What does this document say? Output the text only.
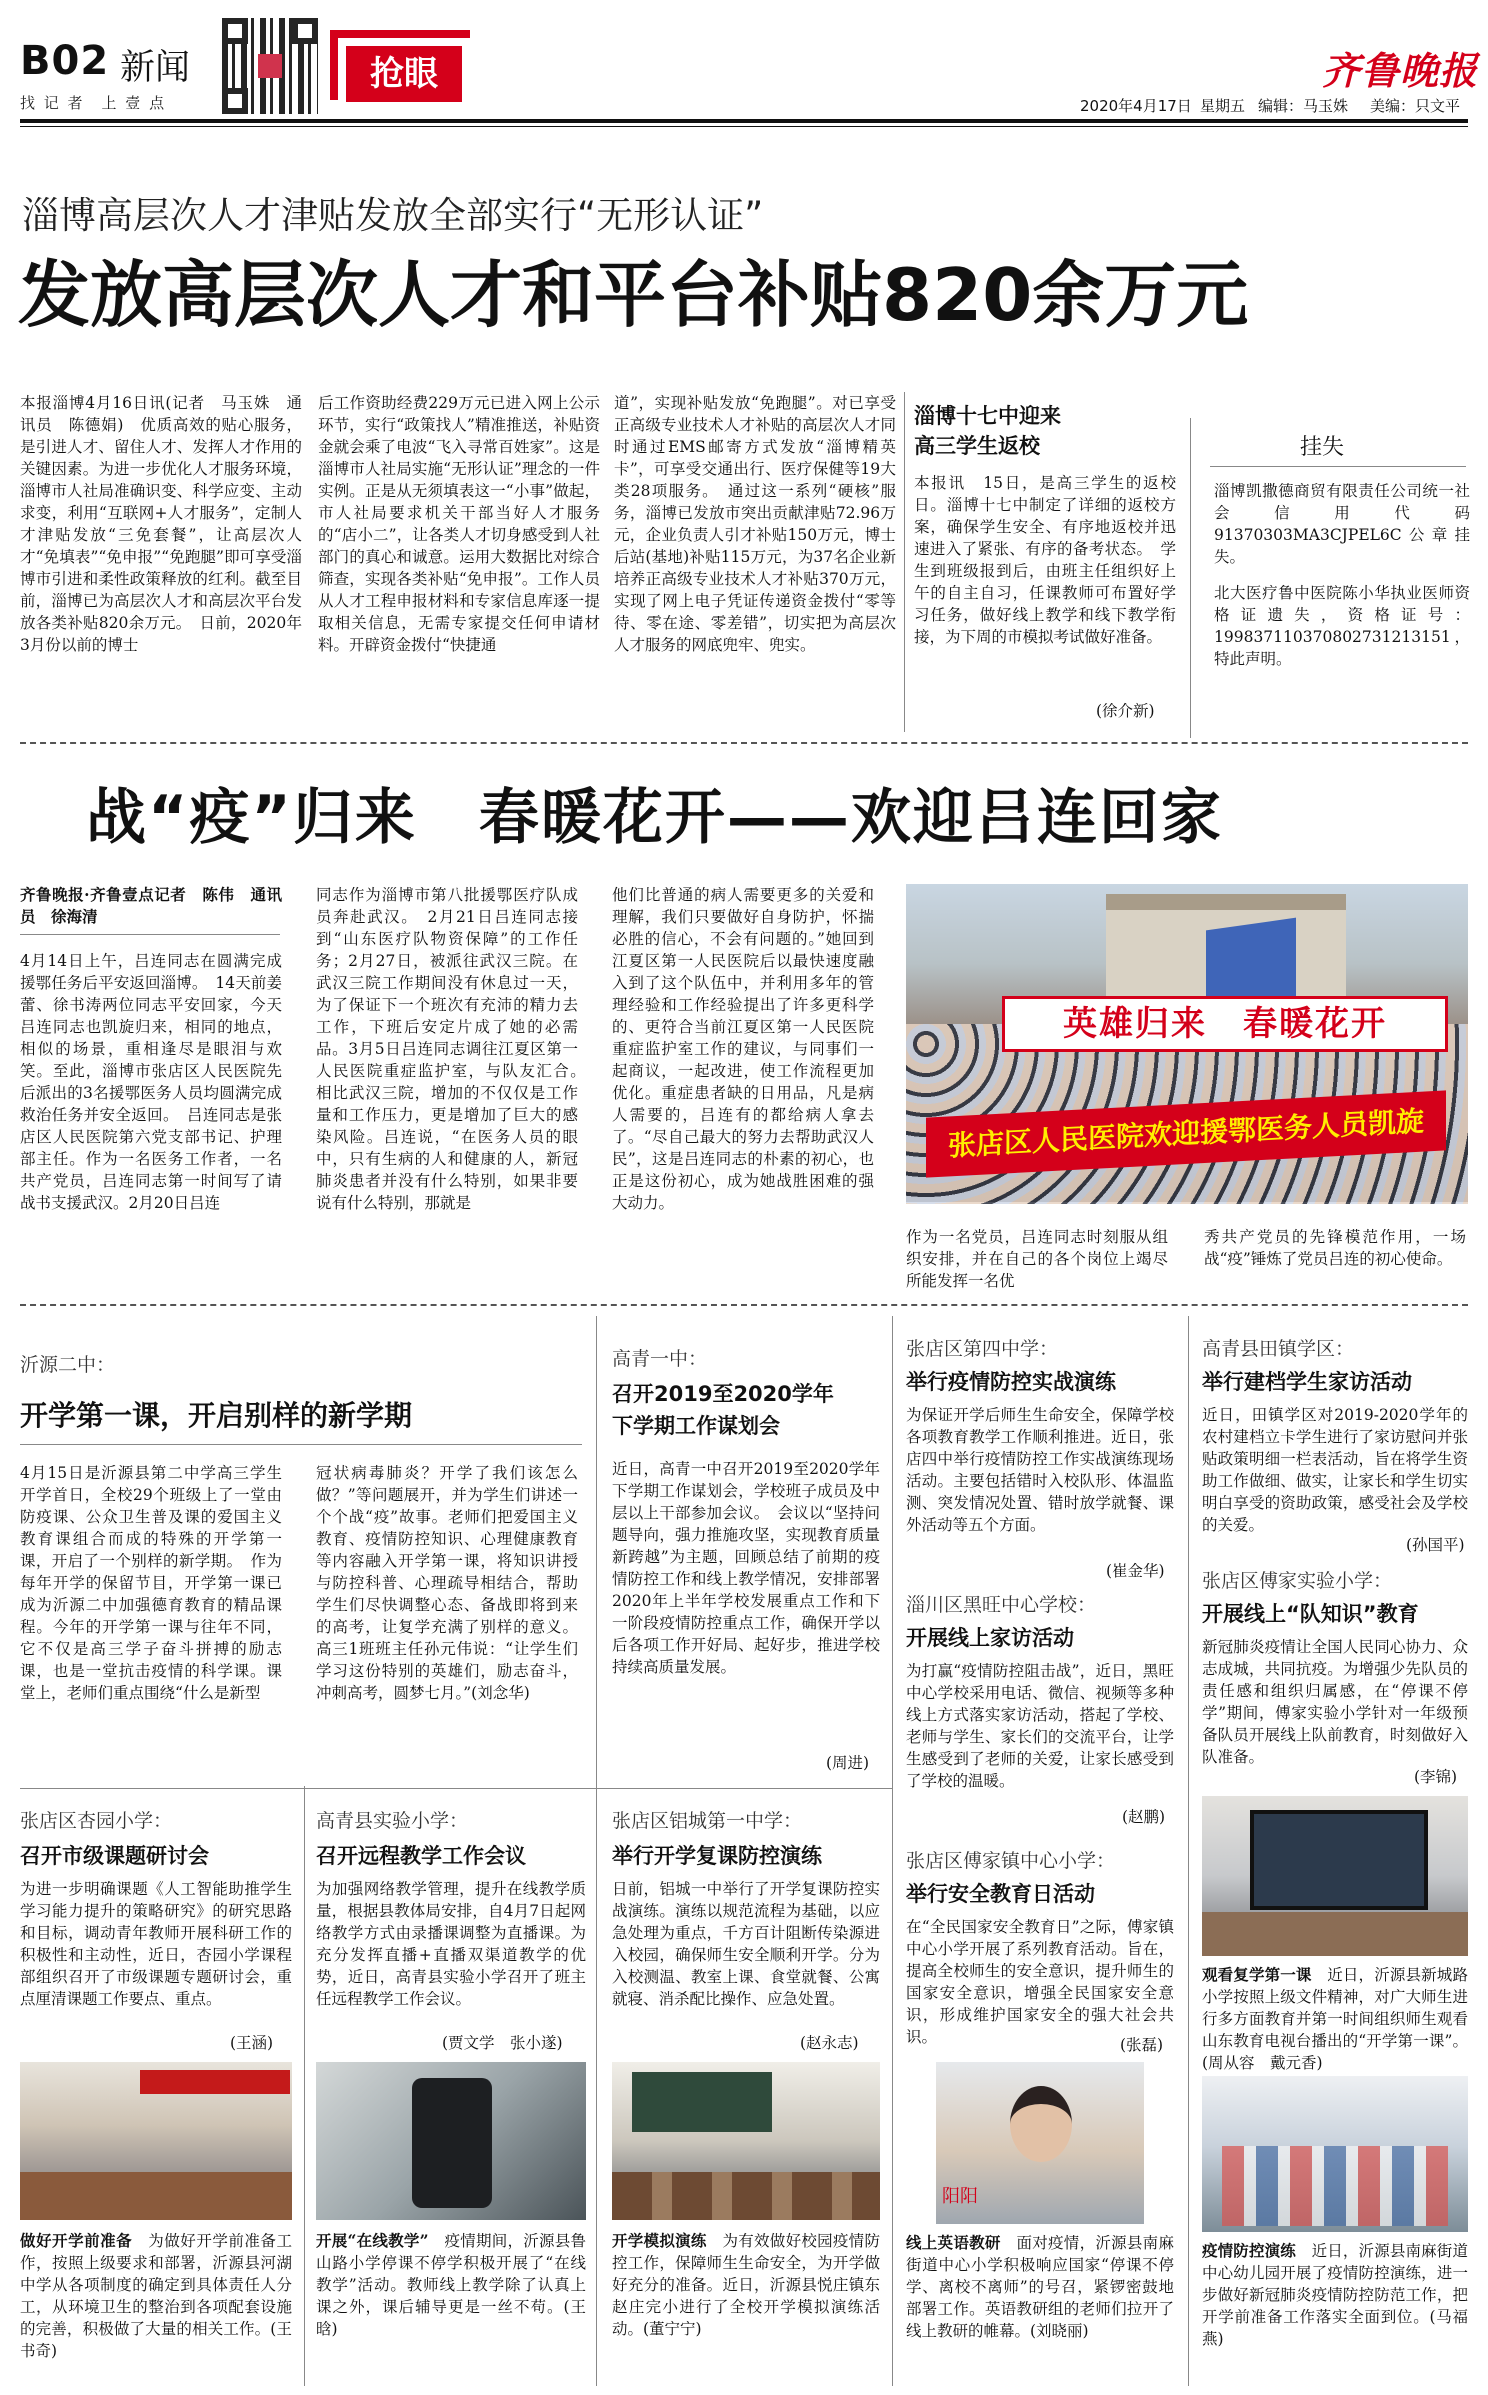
B02 新闻
找 记 者　上 壹 点
抢眼	齐鲁晚报
2020年4月17日 星期五 编辑：马玉姝 美编：只文平
淄博高层次人才津贴发放全部实行“无形认证”
发放高层次人才和平台补贴820余万元
本报淄博4月16日讯(记者　马玉姝　通讯员　陈德娟)　优质高效的贴心服务，是引进人才、留住人才、发挥人才作用的关键因素。为进一步优化人才服务环境，淄博市人社局准确识变、科学应变、主动求变，利用“互联网+人才服务”，定制人才津贴发放“三免套餐”，让高层次人才“免填表”“免申报”“免跑腿”即可享受淄博市引进和柔性政策释放的红利。截至目前，淄博已为高层次人才和高层次平台发放各类补贴820余万元。　日前，2020年3月份以前的博士
后工作资助经费229万元已进入网上公示环节，实行“政策找人”精准推送，补贴资金就会乘了电波“飞入寻常百姓家”。这是淄博市人社局实施“无形认证”理念的一件实例。正是从无须填表这一“小事”做起，市人社局要求机关干部当好人才服务的“店小二”，让各类人才切身感受到人社部门的真心和诚意。运用大数据比对综合筛查，实现各类补贴“免申报”。工作人员从人才工程申报材料和专家信息库逐一提取相关信息，无需专家提交任何申请材料。开辟资金拨付“快捷通
道”，实现补贴发放“免跑腿”。对已享受正高级专业技术人才补贴的高层次人才同时通过EMS邮寄方式发放“淄博精英卡”，可享受交通出行、医疗保健等19大类28项服务。　通过这一系列“硬核”服务，淄博已发放市突出贡献津贴72.96万元，企业负责人引才补贴150万元，博士后站(基地)补贴115万元，为37名企业新培养正高级专业技术人才补贴370万元，实现了网上电子凭证传递资金拨付“零等待、零在途、零差错”，切实把为高层次人才服务的网底兜牢、兜实。
淄博十七中迎来
高三学生返校
本报讯　15日，是高三学生的返校日。淄博十七中制定了详细的返校方案，确保学生安全、有序地返校并迅速进入了紧张、有序的备考状态。　学生到班级报到后，由班主任组织好上午的自主自习，任课教师可布置好学习任务，做好线上教学和线下教学衔接，为下周的市模拟考试做好准备。
(徐介新)
挂失
淄博凯撒德商贸有限责任公司统一社会信用代码91370303MA3CJPEL6C公章挂失。
北大医疗鲁中医院陈小华执业医师资格证遗失，资格证号：199837110370802731213151，特此声明。
战“疫”归来　春暖花开——欢迎吕连回家
齐鲁晚报·齐鲁壹点记者　陈伟　通讯员　徐海清
4月14日上午，吕连同志在圆满完成援鄂任务后平安返回淄博。　14天前姜蕾、徐书涛两位同志平安回家，今天吕连同志也凯旋归来，相同的地点，相似的场景，重相逢尽是眼泪与欢笑。至此，淄博市张店区人民医院先后派出的3名援鄂医务人员均圆满完成救治任务并安全返回。　吕连同志是张店区人民医院第六党支部书记、护理部主任。作为一名医务工作者，一名共产党员，吕连同志第一时间写了请战书支援武汉。2月20日吕连
同志作为淄博市第八批援鄂医疗队成员奔赴武汉。　2月21日吕连同志接到“山东医疗队物资保障”的工作任务；2月27日，被派往武汉三院。在武汉三院工作期间没有休息过一天，为了保证下一个班次有充沛的精力去工作，下班后安定片成了她的必需品。3月5日吕连同志调往江夏区第一人民医院重症监护室，与队友汇合。　相比武汉三院，增加的不仅仅是工作量和工作压力，更是增加了巨大的感染风险。吕连说，“在医务人员的眼中，只有生病的人和健康的人，新冠肺炎患者并没有什么特别，如果非要说有什么特别，那就是
他们比普通的病人需要更多的关爱和理解，我们只要做好自身防护，怀揣必胜的信心，不会有问题的。”她回到江夏区第一人民医院后以最快速度融入到了这个队伍中，并利用多年的管理经验和工作经验提出了许多更科学的、更符合当前江夏区第一人民医院重症监护室工作的建议，与同事们一起商议，一起改进，使工作流程更加优化。重症患者缺的日用品，凡是病人需要的，吕连有的都给病人拿去了。“尽自己最大的努力去帮助武汉人民”，这是吕连同志的朴素的初心，也正是这份初心，成为她战胜困难的强大动力。
英雄归来　春暖花开
张店区人民医院欢迎援鄂医务人员凯旋
作为一名党员，吕连同志时刻服从组织安排，并在自己的各个岗位上竭尽所能发挥一名优
秀共产党员的先锋模范作用，一场战“疫”锤炼了党员吕连的初心使命。
沂源二中：
开学第一课，开启别样的新学期
4月15日是沂源县第二中学高三学生开学首日，全校29个班级上了一堂由防疫课、公众卫生普及课的爱国主义教育课组合而成的特殊的开学第一课，开启了一个别样的新学期。　作为每年开学的保留节目，开学第一课已成为沂源二中加强德育教育的精品课程。今年的开学第一课与往年不同，它不仅是高三学子奋斗拼搏的励志课，也是一堂抗击疫情的科学课。课堂上，老师们重点围绕“什么是新型
冠状病毒肺炎？开学了我们该怎么做？”等问题展开，并为学生们讲述一个个战“疫”故事。老师们把爱国主义教育、疫情防控知识、心理健康教育等内容融入开学第一课，将知识讲授与防控科普、心理疏导相结合，帮助学生们尽快调整心态、备战即将到来的高考，让复学充满了别样的意义。高三1班班主任孙元伟说：“让学生们学习这份特别的英雄们，励志奋斗，冲刺高考，圆梦七月。”(刘念华)
高青一中：
召开2019至2020学年下学期工作谋划会
近日，高青一中召开2019至2020学年下学期工作谋划会，学校班子成员及中层以上干部参加会议。　会议以“坚持问题导向，强力推施攻坚，实现教育质量新跨越”为主题，回顾总结了前期的疫情防控工作和线上教学情况，安排部署2020年上半年学校发展重点工作和下一阶段疫情防控重点工作，确保开学以后各项工作开好局、起好步，推进学校持续高质量发展。
(周进)
张店区第四中学：
举行疫情防控实战演练
为保证开学后师生生命安全，保障学校各项教育教学工作顺利推进。近日，张店四中举行疫情防控工作实战演练现场活动。主要包括错时入校队形、体温监测、突发情况处置、错时放学就餐、课外活动等五个方面。
(崔金华)
淄川区黑旺中心学校：
开展线上家访活动
为打赢“疫情防控阻击战”，近日，黑旺中心学校采用电话、微信、视频等多种线上方式落实家访活动，搭起了学校、老师与学生、家长们的交流平台，让学生感受到了老师的关爱，让家长感受到了学校的温暖。
(赵鹏)
高青县田镇学区：
举行建档学生家访活动
近日，田镇学区对2019-2020学年的农村建档立卡学生进行了家访慰问并张贴政策明细一栏表活动，旨在将学生资助工作做细、做实，让家长和学生切实明白享受的资助政策，感受社会及学校的关爱。
(孙国平)
张店区傅家实验小学：
开展线上“队知识”教育
新冠肺炎疫情让全国人民同心协力、众志成城，共同抗疫。为增强少先队员的责任感和组织归属感，在“停课不停学”期间，傅家实验小学针对一年级预备队员开展线上队前教育，时刻做好入队准备。
(李锦)
张店区杏园小学：
召开市级课题研讨会
为进一步明确课题《人工智能助推学生学习能力提升的策略研究》的研究思路和目标，调动青年教师开展科研工作的积极性和主动性，近日，杏园小学课程部组织召开了市级课题专题研讨会，重点厘清课题工作要点、重点。
(王涵)
做好开学前准备　 为做好开学前准备工作，按照上级要求和部署，沂源县河湖中学从各项制度的确定到具体责任人分工，从环境卫生的整治到各项配套设施的完善，积极做了大量的相关工作。(王书奇)
高青县实验小学：
召开远程教学工作会议
为加强网络教学管理，提升在线教学质量，根据县教体局安排，自4月7日起网络教学方式由录播课调整为直播课。为充分发挥直播+直播双渠道教学的优势，近日，高青县实验小学召开了班主任远程教学工作会议。
(贾文学　张小遂)
开展“在线教学”　 疫情期间，沂源县鲁山路小学停课不停学积极开展了“在线教学”活动。教师线上教学除了认真上课之外，课后辅导更是一丝不苟。(王晗)
张店区铝城第一中学：
举行开学复课防控演练
日前，铝城一中举行了开学复课防控实战演练。演练以规范流程为基础，以应急处理为重点，千方百计阻断传染源进入校园，确保师生安全顺利开学。分为入校测温、教室上课、食堂就餐、公寓就寝、消杀配比操作、应急处置。
(赵永志)
开学模拟演练　 为有效做好校园疫情防控工作，保障师生生命安全，为开学做好充分的准备。近日，沂源县悦庄镇东赵庄完小进行了全校开学模拟演练活动。(董宁宁)
张店区傅家镇中心小学：
举行安全教育日活动
在“全民国家安全教育日”之际，傅家镇中心小学开展了系列教育活动。旨在，提高全校师生的安全意识，提升师生的国家安全意识，增强全民国家安全意识，形成维护国家安全的强大社会共识。	(张磊)
阳阳
线上英语教研　 面对疫情，沂源县南麻街道中心小学积极响应国家“停课不停学、离校不离师”的号召，紧锣密鼓地部署工作。英语教研组的老师们拉开了线上教研的帷幕。(刘晓丽)
观看复学第一课　 近日，沂源县新城路小学按照上级文件精神，对广大师生进行多方面教育并第一时间组织师生观看山东教育电视台播出的“开学第一课”。(周从容　戴元香)
疫情防控演练　 近日，沂源县南麻街道中心幼儿园开展了疫情防控演练，进一步做好新冠肺炎疫情防控防范工作，把开学前准备工作落实全面到位。(马福燕)
